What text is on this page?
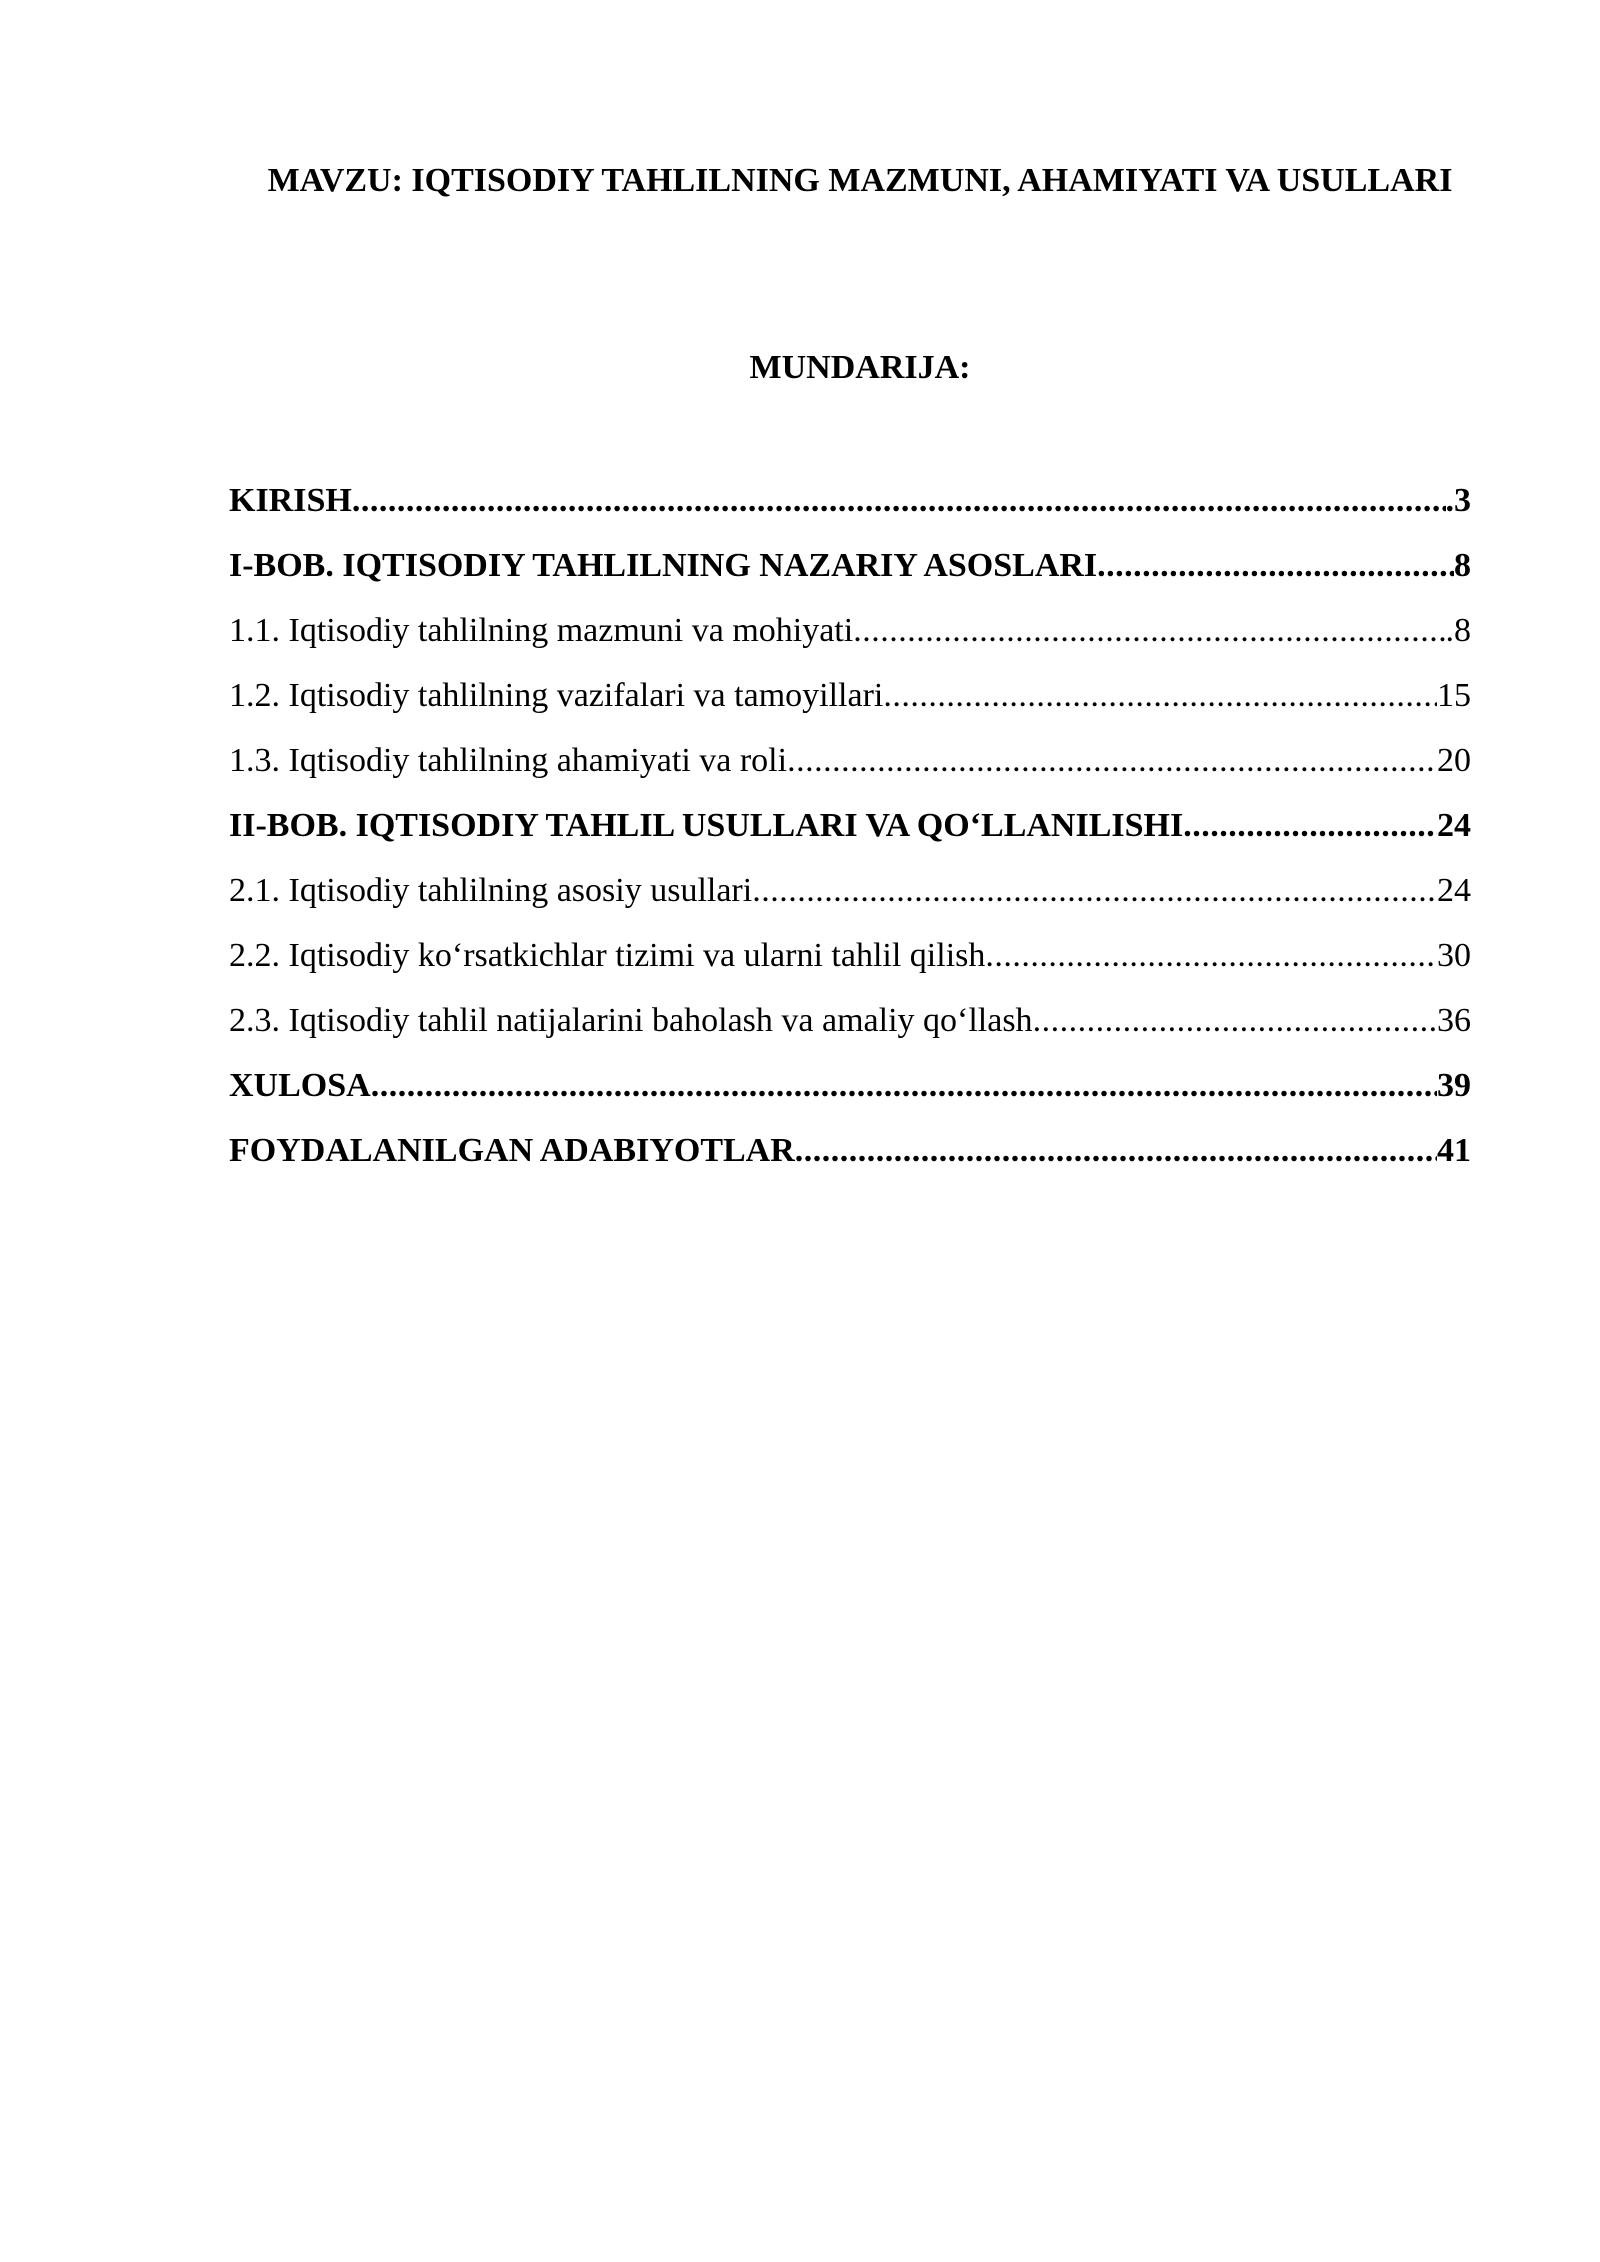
MAVZU: IQTISODIY TAHLILNING MAZMUNI, AHAMIYATI VA USULLARI
MUNDARIJA:
KIRISH .....	.3
I-BOB. IQTISODIY TAHLILNING NAZARIY ASOSLARI .....	8
1.1. Iqtisodiy tahlilning mazmuni va mohiyati .....	.8
1.2. Iqtisodiy tahlilning vazifalari va tamoyillari .....	15
1.3. Iqtisodiy tahlilning ahamiyati va roli .....	20
II-BOB. IQTISODIY TAHLIL USULLARI VA QO‘LLANILISHI .....	24
2.1. Iqtisodiy tahlilning asosiy usullari .....	24
2.2. Iqtisodiy ko‘rsatkichlar tizimi va ularni tahlil qilish .....	30
2.3. Iqtisodiy tahlil natijalarini baholash va amaliy qo‘llash .....	36
XULOSA .....	39
FOYDALANILGAN ADABIYOTLAR .....	41
